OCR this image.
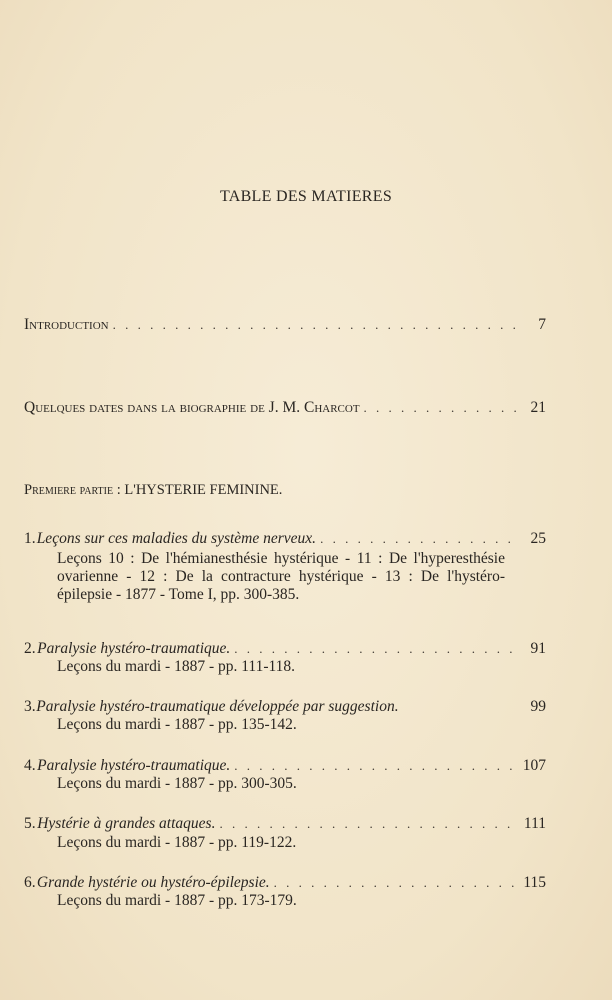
TABLE DES MATIERES
Introduction . . .	7
Quelques dates dans la biographie de J. M. Charcot . . .	21
Premiere partie : L'HYSTERIE FEMININE.
1. Leçons sur ces maladies du système nerveux. . . .	25
Leçons 10 : De l'hémianesthésie hystérique - 11 : De l'hyperesthésie ovarienne - 12 : De la contracture hystérique - 13 : De l'hystéro-épilepsie - 1877 - Tome I, pp. 300-385.
2. Paralysie hystéro-traumatique. . . .	91
Leçons du mardi - 1887 - pp. 111-118.
3. Paralysie hystéro-traumatique développée par suggestion.	99
Leçons du mardi - 1887 - pp. 135-142.
4. Paralysie hystéro-traumatique. . . .	107
Leçons du mardi - 1887 - pp. 300-305.
5. Hystérie à grandes attaques. . . .	111
Leçons du mardi - 1887 - pp. 119-122.
6. Grande hystérie ou hystéro-épilepsie. . . .	115
Leçons du mardi - 1887 - pp. 173-179.
